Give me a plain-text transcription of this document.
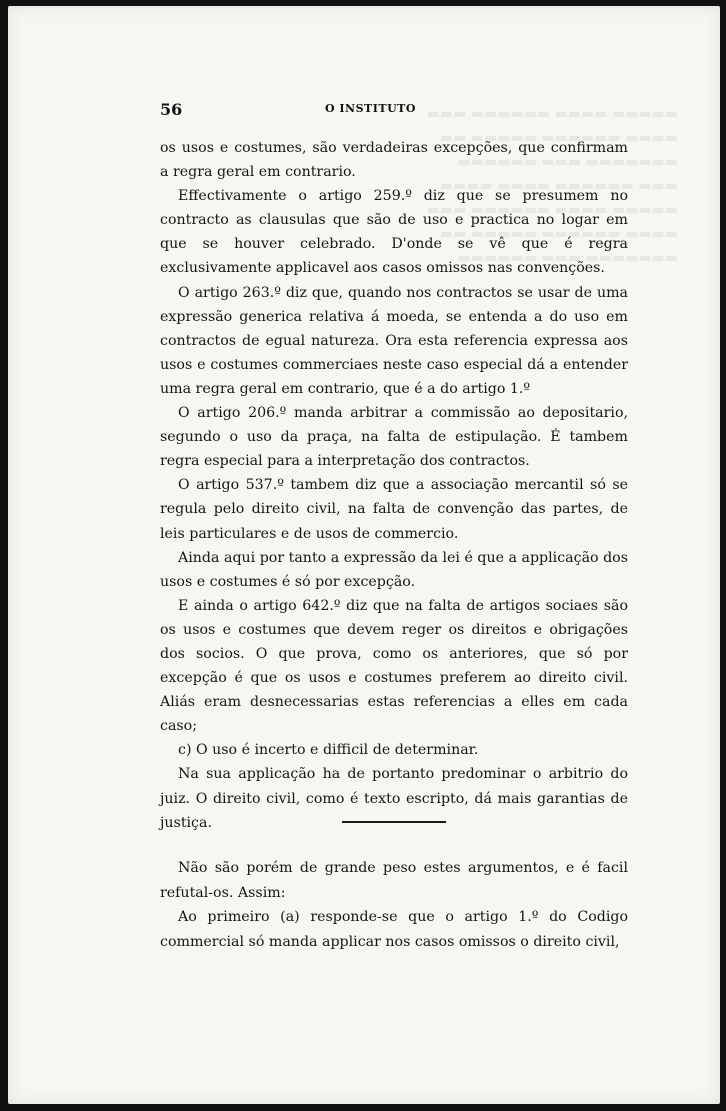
▬▬▬▬▬ ▬▬▬▬ ▬▬▬▬▬▬ ▬▬▬
▬▬▬▬ ▬▬▬▬▬▬ ▬▬▬▬▬ ▬▬
▬▬▬▬▬▬▬ ▬▬▬ ▬▬▬▬▬▬
▬▬▬ ▬▬▬▬▬▬ ▬▬▬▬ ▬▬▬▬
▬▬▬▬▬ ▬▬▬▬ ▬▬▬▬▬▬ ▬▬▬
▬▬▬▬ ▬▬▬▬▬▬ ▬▬▬▬▬ ▬▬
▬▬▬▬▬▬▬ ▬▬▬ ▬▬▬▬▬▬
56	O INSTITUTO

os usos e costumes, são verdadeiras excepções, que confirmam a regra geral em contrario.

Effectivamente o artigo 259.º diz que se presumem no contracto as clausulas que são de uso e practica no logar em que se houver celebrado. D'onde se vê que é regra exclusivamente applicavel aos casos omissos nas convenções.

O artigo 263.º diz que, quando nos contractos se usar de uma expressão generica relativa á moeda, se entenda a do uso em contractos de egual natureza. Ora esta referencia expressa aos usos e costumes commerciaes neste caso especial dá a entender uma regra geral em contrario, que é a do artigo 1.º

O artigo 206.º manda arbitrar a commissão ao depositario, segundo o uso da praça, na falta de estipulação. É tambem regra especial para a interpretação dos contractos.

O artigo 537.º tambem diz que a associação mercantil só se regula pelo direito civil, na falta de convenção das partes, de leis particulares e de usos de commercio.

Ainda aqui por tanto a expressão da lei é que a applicação dos usos e costumes é só por excepção.

E ainda o artigo 642.º diz que na falta de artigos sociaes são os usos e costumes que devem reger os direitos e obrigações dos socios. O que prova, como os anteriores, que só por excepção é que os usos e costumes preferem ao direito civil. Aliás eram desnecessarias estas referencias a elles em cada caso;

c) O uso é incerto e difficil de determinar.

Na sua applicação ha de portanto predominar o arbitrio do juiz. O direito civil, como é texto escripto, dá mais garantias de justiça.

Não são porém de grande peso estes argumentos, e é facil refutal-os. Assim:

Ao primeiro (a) responde-se que o artigo 1.º do Codigo commercial só manda applicar nos casos omissos o direito civil,
